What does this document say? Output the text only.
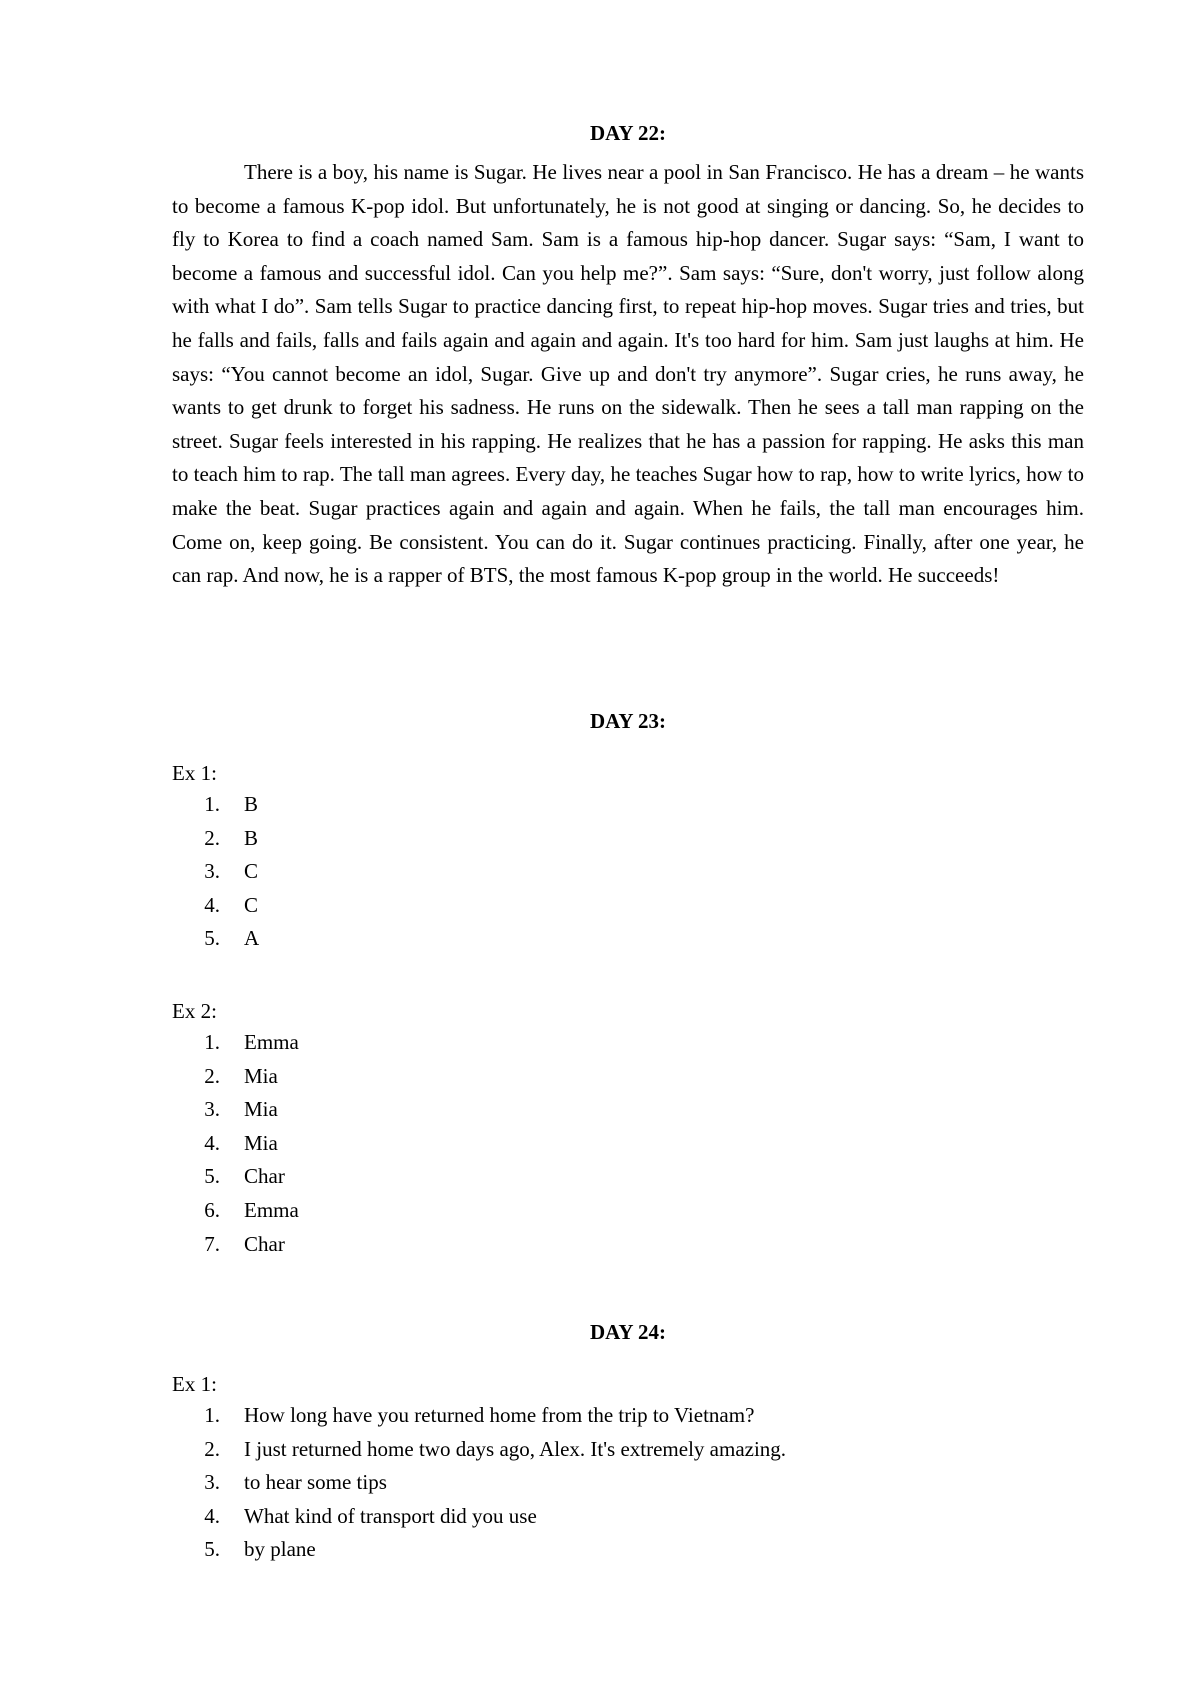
DAY 22:

There is a boy, his name is Sugar. He lives near a pool in San Francisco. He has a dream – he wants to become a famous K-pop idol. But unfortunately, he is not good at singing or dancing. So, he decides to fly to Korea to find a coach named Sam. Sam is a famous hip-hop dancer. Sugar says: “Sam, I want to become a famous and successful idol. Can you help me?”. Sam says: “Sure, don't worry, just follow along with what I do”. Sam tells Sugar to practice dancing first, to repeat hip-hop moves. Sugar tries and tries, but he falls and fails, falls and fails again and again and again. It's too hard for him. Sam just laughs at him. He says: “You cannot become an idol, Sugar. Give up and don't try anymore”. Sugar cries, he runs away, he wants to get drunk to forget his sadness. He runs on the sidewalk. Then he sees a tall man rapping on the street. Sugar feels interested in his rapping. He realizes that he has a passion for rapping. He asks this man to teach him to rap. The tall man agrees. Every day, he teaches Sugar how to rap, how to write lyrics, how to make the beat. Sugar practices again and again and again. When he fails, the tall man encourages him. Come on, keep going. Be consistent. You can do it. Sugar continues practicing. Finally, after one year, he can rap. And now, he is a rapper of BTS, the most famous K-pop group in the world. He succeeds!

DAY 23:

Ex 1:

1.	B
2.	B
3.	C
4.	C
5.	A

Ex 2:

1.	Emma
2.	Mia
3.	Mia
4.	Mia
5.	Char
6.	Emma
7.	Char
DAY 24:

Ex 1:

1.	How long have you returned home from the trip to Vietnam?
2.	I just returned home two days ago, Alex. It's extremely amazing.
3.	to hear some tips
4.	What kind of transport did you use
5.	by plane
